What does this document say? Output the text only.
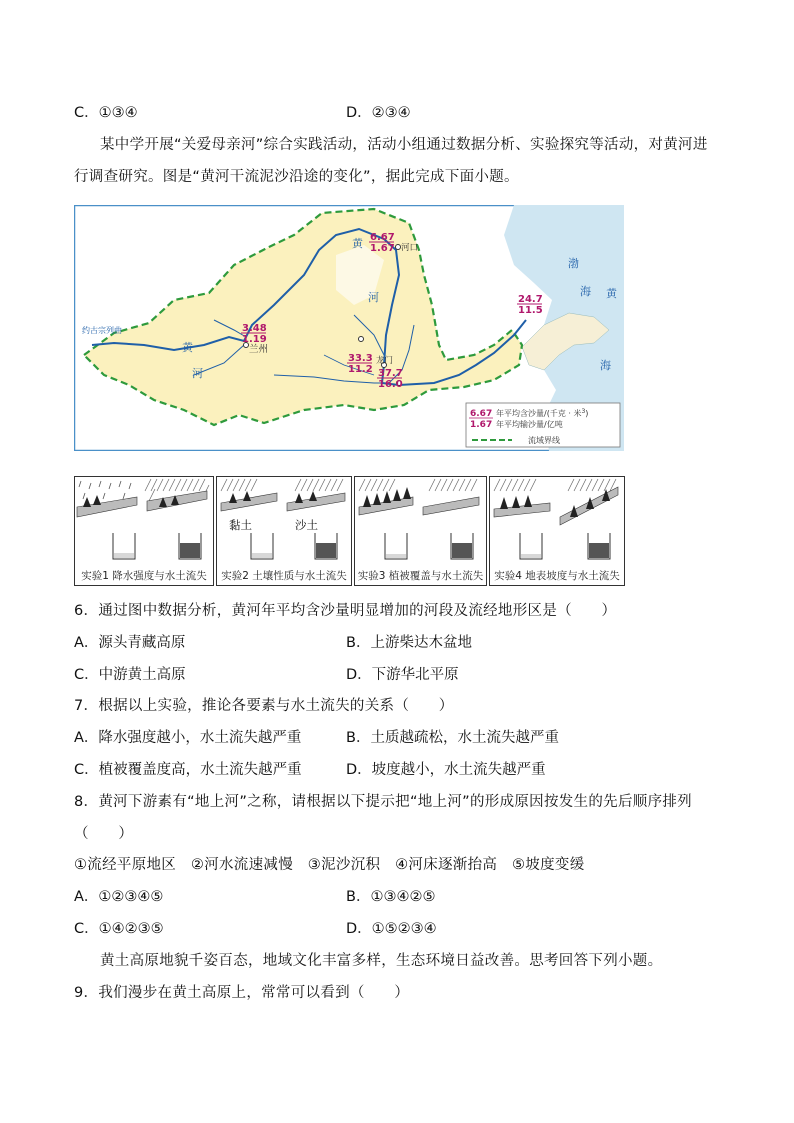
C．①③④	D．②③④
某中学开展“关爱母亲河”综合实践活动，活动小组通过数据分析、实验探究等活动，对黄河进
行调查研究。图是“黄河干流泥沙沿途的变化”，据此完成下面小题。
黄
河
黄
河
渤
海 黄
海
约古宗列曲
兰州
河口
龙门
6.67
1.67
3.48
1.19
33.3
11.2 37.7
16.0
24.7
11.5
6.67
1.67
年平均含沙量/(千克 · 米$^3$)
年平均输沙量/亿吨
流域界线
实验1 降水强度与水土流失
黏土	沙土
实验2 土壤性质与水土流失	实验3 植被覆盖与水土流失	实验4 地表坡度与水土流失
6．通过图中数据分析，黄河年平均含沙量明显增加的河段及流经地形区是（　　）
A．源头青藏高原	B．上游柴达木盆地
C．中游黄土高原	D．下游华北平原
7．根据以上实验，推论各要素与水土流失的关系（　　）
A．降水强度越小，水土流失越严重	B．土质越疏松，水土流失越严重
C．植被覆盖度高，水土流失越严重	D．坡度越小，水土流失越严重
8．黄河下游素有“地上河”之称，请根据以下提示把“地上河”的形成原因按发生的先后顺序排列
（　　）
①流经平原地区　②河水流速减慢　③泥沙沉积　④河床逐渐抬高　⑤坡度变缓
A．①②③④⑤	B．①③④②⑤
C．①④②③⑤	D．①⑤②③④
黄土高原地貌千姿百态，地域文化丰富多样，生态环境日益改善。思考回答下列小题。
9．我们漫步在黄土高原上，常常可以看到（　　）
